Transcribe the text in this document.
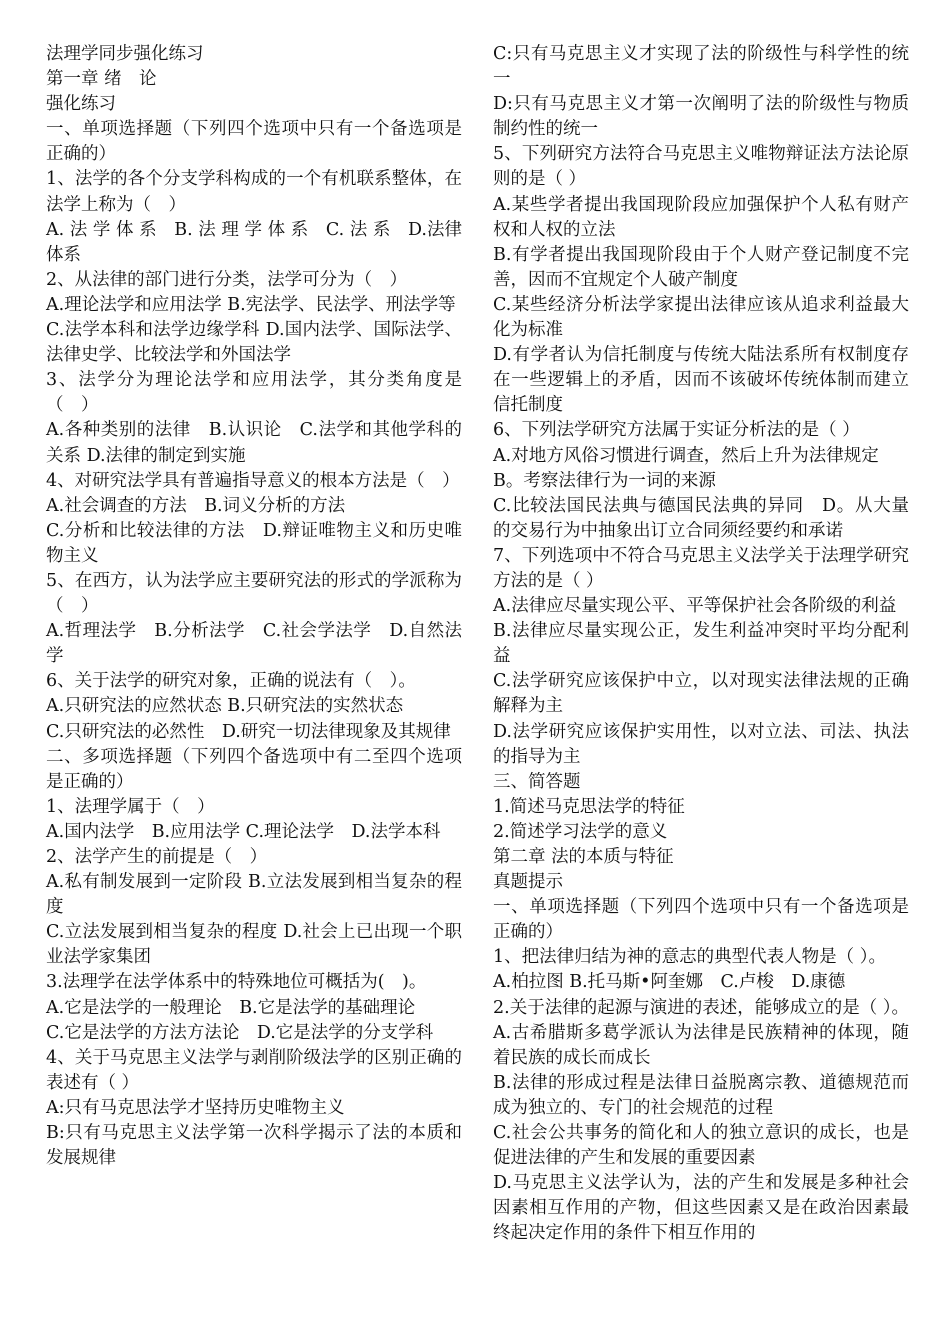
法理学同步强化练习
第一章 绪　论
强化练习
一、单项选择题（下列四个选项中只有一个备选项是正确的）
1、法学的各个分支学科构成的一个有机联系整体，在法学上称为（　）
A. 法 学 体 系　B. 法 理 学 体 系　C. 法 系　D.法律体系
2、从法律的部门进行分类，法学可分为（　）
A.理论法学和应用法学 B.宪法学、民法学、刑法学等
C.法学本科和法学边缘学科 D.国内法学、国际法学、法律史学、比较法学和外国法学
3、法学分为理论法学和应用法学，其分类角度是（　）
A.各种类别的法律　B.认识论　C.法学和其他学科的关系 D.法律的制定到实施
4、对研究法学具有普遍指导意义的根本方法是（　）
A.社会调查的方法　B.词义分析的方法
C.分析和比较法律的方法　D.辩证唯物主义和历史唯物主义
5、在西方，认为法学应主要研究法的形式的学派称为（　）
A.哲理法学　B.分析法学　C.社会学法学　D.自然法学
6、关于法学的研究对象，正确的说法有（　）。
A.只研究法的应然状态 B.只研究法的实然状态
C.只研究法的必然性　D.研究一切法律现象及其规律
二、多项选择题（下列四个备选项中有二至四个选项是正确的）
1、法理学属于（　）
A.国内法学　B.应用法学 C.理论法学　D.法学本科
2、法学产生的前提是（　）
A.私有制发展到一定阶段 B.立法发展到相当复杂的程度
C.立法发展到相当复杂的程度 D.社会上已出现一个职业法学家集团
3.法理学在法学体系中的特殊地位可概括为(　)。
A.它是法学的一般理论　B.它是法学的基础理论
C.它是法学的方法方法论　D.它是法学的分支学科
4、关于马克思主义法学与剥削阶级法学的区别正确的表述有（ ）
A:只有马克思法学才坚持历史唯物主义
B:只有马克思主义法学第一次科学揭示了法的本质和发展规律
C:只有马克思主义才实现了法的阶级性与科学性的统一
D:只有马克思主义才第一次阐明了法的阶级性与物质制约性的统一
5、下列研究方法符合马克思主义唯物辩证法方法论原则的是（ ）
A.某些学者提出我国现阶段应加强保护个人私有财产权和人权的立法
B.有学者提出我国现阶段由于个人财产登记制度不完善，因而不宜规定个人破产制度
C.某些经济分析法学家提出法律应该从追求利益最大化为标准
D.有学者认为信托制度与传统大陆法系所有权制度存在一些逻辑上的矛盾，因而不该破坏传统体制而建立信托制度
6、下列法学研究方法属于实证分析法的是（ ）
A.对地方风俗习惯进行调查，然后上升为法律规定
B。考察法律行为一词的来源
C.比较法国民法典与德国民法典的异同　D。从大量的交易行为中抽象出订立合同须经要约和承诺
7、下列选项中不符合马克思主义法学关于法理学研究方法的是（ ）
A.法律应尽量实现公平、平等保护社会各阶级的利益
B.法律应尽量实现公正，发生利益冲突时平均分配利益
C.法学研究应该保护中立，以对现实法律法规的正确解释为主
D.法学研究应该保护实用性，以对立法、司法、执法的指导为主
三、简答题
1.简述马克思法学的特征
2.简述学习法学的意义
第二章 法的本质与特征
真题提示
一、单项选择题（下列四个选项中只有一个备选项是正确的）
1、把法律归结为神的意志的典型代表人物是（ ）。
A.柏拉图 B.托马斯•阿奎娜　C.卢梭　D.康德
2.关于法律的起源与演进的表述，能够成立的是（ ）。
A.古希腊斯多葛学派认为法律是民族精神的体现，随着民族的成长而成长
B.法律的形成过程是法律日益脱离宗教、道德规范而成为独立的、专门的社会规范的过程
C.社会公共事务的简化和人的独立意识的成长，也是促进法律的产生和发展的重要因素
D.马克思主义法学认为，法的产生和发展是多种社会因素相互作用的产物，但这些因素又是在政治因素最终起决定作用的条件下相互作用的
